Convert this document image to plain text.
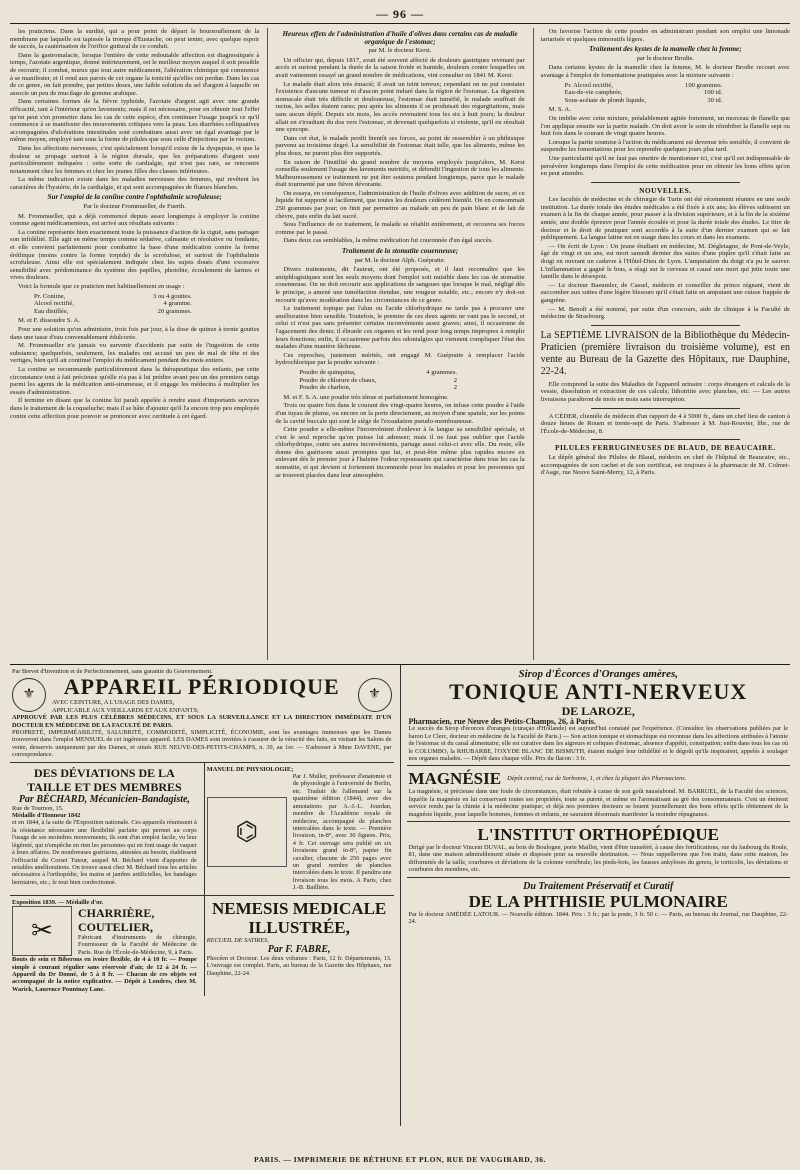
— 96 —

les praticiens. Dans la surdité, qui a pour point de départ le boursouflement de la membrane par laquelle est tapissée la trompe d'Eustache, on peut tenter, avec quelque espoir de succès, la cautérisation de l'orifice guttural de ce conduit.

Dans la gastromalacie, lorsque l'entière de cette redoutable affection est diagnostiquée à temps, l'azotate argentique, donné intérieurement, est le meilleur moyen auquel il soit possible de recourir; il combat, mieux que tout autre médicament, l'altération chimique qui commence à se manifester, et il rend aux parois de cet organe la tonicité qu'elles ont perdue. Dans les cas de ce genre, on fait prendre, par petites doses, une faible solution du sel d'argent à laquelle on associe un peu de mucilage de gomme arabique.

Dans certaines formes de la fièvre typhoïde, l'azotate d'argent agit avec une grande efficacité, tant à l'intérieur qu'en lavements; mais il est nécessaire, pour en obtenir tout l'effet qu'on peut s'en promettre dans les cas de cette espèce, d'en continuer l'usage jusqu'à ce qu'il commence à se manifester des mouvements critiques vers la peau. Les diarrhées colliquatives accompagnées d'ulcérations intestinales sont combattues aussi avec un égal avantage par le même moyen, employé tant sous la forme de pilules que sous celle d'injections par le rectum.

Dans les affections nerveuses, c'est spécialement lorsqu'il existe de la dyspepsie, et que la douleur se propage surtout à la région dorsale, que les préparations d'argent sont particulièrement indiquées : cette sorte de cardialgie, qui n'est pas rare, se rencontre notamment chez les femmes et chez les jeunes filles des classes inférieures.

La même indication existe dans les maladies nerveuses des femmes, qui revêtent les caractères de l'hystérie, de la cardialgie, et qui sont accompagnées de flueurs blanches.

Sur l'emploi de la coniine contre l'ophthalmie scrofuleuse;
Par le docteur Frommueller, de Fuerth.

M. Frommueller, qui a déjà commencé depuis assez longtemps à employer la coniine comme agent médicamenteux, est arrivé aux résultats suivants :

La coniine représente bien exactement toute la puissance d'action de la ciguë, sans partager son infidélité. Elle agit en même temps comme sédative, calmante et résolutive ou fondante, et elle convient parfaitement pour combattre la base d'une médication contre la forme éréthique (moins contre la forme torpide) de la scrofulose, et surtout de l'ophthalmie scrofuleuse. Ainsi elle est spécialement indiquée chez les sujets doués d'une excessive sensibilité avec prédominance du système des papilles, photobie, écoulement de larmes et vives douleurs.

Voici la formule que ce praticien met habituellement en usage :

Pr. Coniine,	3 ou 4 gouttes.
Alcool rectifié,	4 gramme.
Eau distillée,	20 grammes.

M. et F. dissoudre S. A.

Pour une solution qu'on administre, trois fois par jour, à la dose de quinze à trente gouttes dans une tasse d'eau convenablement édulcorée.

M. Frommueller n'a jamais vu survenir d'accidents par suite de l'ingestion de cette substance; quelquefois, seulement, les malades ont accusé un peu de mal de tête et des vertiges, bien qu'il ait continué l'emploi du médicament pendant des mois entiers.

La coniine se recommande particulièrement dans la thérapeutique des enfants, par cette circonstance tout à fait précieuse qu'elle n'a pas à lui prédire avant peu un des premiers rangs parmi les agents de la médication anti-strumeuse, et il engage les médecins à multiplier les essais d'administration.

Il termine en disant que la coniine lui paraît appelée à rendre aussi d'importants services dans le traitement de la coqueluche; mais il se hâte d'ajouter qu'il l'a encore trop peu employée contre cette affection pour pouvoir se prononcer avec certitude à cet égard.

Heureux effets de l'administration d'huile d'olives dans certains cas de maladie organique de l'estomac;
par M. le docteur Kerst.

Un officier qui, depuis 1817, avait été souvent affecté de douleurs gastriques revenant par accès et surtout pendant la durée de la saison froide et humide, douleurs contre lesquelles on avait vainement essayé un grand nombre de médications, vint consulter en 1841 M. Kerst.

Le malade était alors très émacié; il avait un teint terreux; cependant on ne put constater l'existence d'aucune tumeur ni d'aucun point induré dans la région de l'estomac. La digestion stomacale était très difficile et douloureuse, l'estomac était tuméfié, le malade souffrait de ructus, les selles étaient rares; peu après les aliments il se produisait des régurgitations, mais sans aucun dépôt. Depuis six mois, les accès revenaient tous les six à huit jours; la douleur allait en s'irradiant du dos vers l'estomac, et devenait quelquefois si violente, qu'il en résultait une syncope.

Dans cet état, le malade perdit bientôt ses forces, au point de ressembler à un phthisique parvenu au troisième degré. La sensibilité de l'estomac était telle, que les aliments, même les plus doux, ne purent plus être supportés.

En raison de l'inutilité du grand nombre de moyens employés jusqu'alors, M. Kerst conseilla seulement l'usage des lavements nutritifs, et défendit l'ingestion de tous les aliments. Malheureusement ce traitement ne put être soutenu pendant longtemps, parce que le malade était tourmenté par une fièvre dévorante.

On essaya, en conséquence, l'administration de l'huile d'olives avec addition de sucre, et ce liquide fut supporté si facilement, que toutes les douleurs cédèrent bientôt. On en consommait 250 grammes par jour; on finit par permettre au malade un peu de pain blanc et de lait de chèvre, puis enfin du lait sucré.

Sous l'influence de ce traitement, le malade se rétablit entièrement, et recouvra ses forces comme par le passé.

Dans deux cas semblables, la même médication fut couronnée d'un égal succès.

Traitement de la stomatite couenneuse;
par M. le docteur Alph. Guépratte.

Divers traitements, dit l'auteur, ont été proposés, et il faut reconnaître que les antiphlogistiques sont les seuls moyens dont l'emploi soit nuisible dans les cas de stomatite couenneuse. On ne doit recourir aux applications de sangsues que lorsque le mal, négligé dès le principe, a amené une tuméfaction étendue, une rougeur notable, etc.; encore n'y doit-on recourir qu'avec modération dans les circonstances de ce genre.

Le traitement topique par l'alun ou l'acide chlorhydrique ne tarde pas à procurer une amélioration bien sensible. Toutefois, le premier de ces deux agents ne vant pas le second, et celui ci n'est pas sans présenter certains inconvénients assez graves; ainsi, il occasionne de l'agacement des dents; il ébranle ces organes et les rend pour long temps impropres à remplir leurs fonctions; enfin, il occasionne parfois des odontalgies qui viennent compliquer l'état des malades d'une manière fâcheuse.

Ces reproches, justement mérités, ont engagé M. Guépratte à remplacer l'acide hydrochlorique par la poudre suivante :

Poudre de quinquina,	4 grammes.
Poudre de chlorure de chaux,	2
Poudre de charbon,	2

M. et F. S. A. une poudre très ténue et parfaitement homogène.

Trois ou quatre fois dans le courant des vingt-quatre heures, on infuse cette poudre à l'aide d'un tuyau de plume, ou encore on la porte directement, au moyen d'une spatule, sur les points de la cavité buccale qui sont le siège de l'exsudation pseudo-membraneuse.

Cette poudre a elle-même l'inconvénient d'enlever à la langue sa sensibilité spéciale, et c'est le seul reproche qu'on puisse lui adresser; mais il ne faut pas oublier que l'acide chlorhydrique, outre ses autres inconvénients, partage aussi celui-ci avec elle. Du reste, elle donne des guérisons aussi promptes que lui, et peut-être même plus rapides encore en enlevant dès le premier jour à l'haleine l'odeur repoussante qui caractérise dans tous les cas la stomatite, et qui devient si fortement incommode pour les malades et pour les personnes qui se trouvent placées dans leur atmosphère.

On favorise l'action de cette poudre en administrant pendant son emploi une limonade tartarisée et quelques minoratifs légers.

Traitement des kystes de la mamelle chez la femme;
par le docteur Brodie.

Dans certains kystes de la mamelle chez la femme, M. le docteur Brodie recourt avec avantage à l'emploi de fomentations pratiquées avec la mixture suivante :

Pr. Alcool rectifié,	100 grammes.
Eau-de-vie camphrée,	100 id.
Sous-acétate de plomb liquide,	30 id.

M. S. A.

On imbibe avec cette mixture, préalablement agitée fortement, un morceau de flanelle que l'on applique ensuite sur la partie malade. On doit avoir le soin de réimbiber la flanelle sept ou huit fois dans le courant de vingt quatre heures.

Lorsque la partie soumise à l'action du médicament est devenue très sensible, il convient de suspendre les fomentations pour les reprendre quelques jours plus tard.

Une particularité qu'il ne faut pas omettre de mentionner ici, c'est qu'il est indispensable de persévérer longtemps dans l'emploi de cette médication pour en obtenir les bons effets qu'on en peut attendre.

NOUVELLES.

Les facultés de médecine et de chirurgie de Turin ont été récemment réunies en une seule institution. La durée totale des études médicales a été fixée à six ans; les élèves subissent un examen à la fin de chaque année, pour passer à la division supérieure, et à la fin de la sixième année, une double épreuve pour l'année écoulée et pour la durée totale des études. Le titre de docteur et le droit de pratiquer sont accordés à la suite d'un dernier examen qui se fait publiquement. La langue latine est en usage dans les cours et dans les examens.

— On écrit de Lyon : Un jeune étudiant en médecine, M. Dégletagne, de Pont-de-Veyle, âgé de vingt et un ans, est mort samedi dernier des suites d'une piqûre qu'il s'était faite au doigt en ouvrant un cadavre à l'Hôtel-Dieu de Lyon. L'amputation du doigt n'a pu le sauver. L'inflammation a gagné le bras, a réagi sur le cerveau et causé une mort qui jette toute une famille dans le désespoir.

— Le docteur Baeumler, de Cassel, médecin et conseiller du prince régnant, vient de succomber aux suites d'une légère blessure qu'il s'était faite en amputant une cuisse frappée de gangrène.

— M. Benoît a été nommé, par suite d'un concours, aide de clinique à la Faculté de médecine de Strasbourg.

La SEPTIÈME LIVRAISON de la Bibliothèque du Médecin-Praticien (première livraison du troisième volume), est en vente au Bureau de la Gazette des Hôpitaux, rue Dauphine, 22-24.

Elle comprend la suite des Maladies de l'appareil urinaire : corps étrangers et calculs de la vessie, dissolution et extraction de ces calculs; lithotritie avec planches, etc. — Les autres livraisons paraîtront de mois en mois sans interruption.

A CÉDER, clientèle de médecin d'un rapport de 4 à 5000 fr., dans un chef lieu de canton à douze lieues de Rouen et trente-sept de Paris. S'adresser à M. Just-Rouvier, libr., rue de l'École-de-Médecine, 8.

PILULES FERRUGINEUSES DE BLAUD, DE BEAUCAIRE.

Le dépôt général des Pilules de Blaud, médecin en chef de l'hôpital de Beaucaire, etc., accompagnées de son cachet et de son certificat, est toujours à la pharmacie de M. Colmet-d'Aage, rue Neuve Saint-Merry, 12, à Paris.

Par Brevet d'Invention et de Perfectionnement, sans garantie du Gouvernement.
⚜	APPAREIL PÉRIODIQUE
AVEC CEINTURE, A L'USAGE DES DAMES,
APPLICABLE AUX VIEILLARDS ET AUX ENFANTS;
⚜
APPROUVÉ PAR LES PLUS CÉLÈBRES MÉDECINS, ET SOUS LA SURVEILLANCE ET LA DIRECTION IMMÉDIATE D'UN DOCTEUR EN MÉDECINE DE LA FACULTÉ DE PARIS.
PROPRETÉ, IMPERMÉABILITÉ, SALUBRITÉ, COMMODITÉ, SIMPLICITÉ, ÉCONOMIE, sont les avantages immenses que les Dames trouveront dans l'emploi MENSUEL de cet ingénieux appareil. LES DAMES sont invitées à s'assurer de la véracité des faits, en visitant les Salons de vente, desservis uniquement par des Dames, et situés RUE NEUVE-DES-PETITS-CHAMPS, n. 39, au 1er. — S'adresser à Mme DAVENE, par correspondance.
DES DÉVIATIONS DE LA TAILLE ET DES MEMBRES
Par BÉCHARD, Mécanicien-Bandagiste,
Rue de Tournon, 15.
Médaille d'Honneur 1842
et en 1844, à la suite de l'Exposition nationale. Ces appareils réunissent à la résistance nécessaire une flexibilité parfaite qui permet au corps l'usage de ses moindres mouvements; ils sont d'un emploi facile, vu leur légèreté, qui n'empêche en rien les personnes qui en font usage de vaquer à leurs affaires. De nombreuses guérisons, attestées au besoin, établissent l'efficacité du Corset Tuteur, auquel M. Béchard vient d'apporter de notables améliorations. On trouve aussi chez M. Béchard tous les articles nécessaires à l'orthopédie, les mains et jambes artificielles, les bandages herniaires, etc.; le tout bien confectionné.
MANUEL DE PHYSIOLOGIE;
⌬
Par J. Muller, professeur d'anatomie et de physiologie à l'université de Berlin, etc. Traduit de l'allemand sur la quatrième édition (1844), avec des annotations par A.-J.-L. Jourdan, membre de l'Académie royale de médecine, accompagné de planches intercalées dans le texte. — Première livraison, in-8°, avec 30 figures. Prix, 4 fr. Cet ouvrage sera publié en six livraisons grand in-8°, papier fin cavalier, chacune de 256 pages avec un grand nombre de planches intercalées dans le texte. Il paraîtra une livraison tous les mois. A Paris, chez J.-B. Baillière.
Exposition 1839. — Médaille d'or.
✂
CHARRIÈRE, COUTELIER,
Fabricant d'instruments de chirurgie, Fournisseur de la Faculté de Médecine de Paris. Rue de l'École-de-Médecine, 9, à Paris.
Bouts de sein et Biberons en ivoire flexible, de 4 à 10 fr. — Pompe simple à courant régulier sans réservoir d'air, de 12 à 24 fr. — Appareil du Dr Donné, de 5 à 8 fr. — Chacun de ces objets est accompagné de la notice explicative. — Dépôt à Londres, chez M. Warick, Laurence Pountnay Lane.
NEMESIS MEDICALE ILLUSTRÉE,
RECUEIL DE SATIRES,
Par F. FABRE,
Phocéen et Docteur. Les deux volumes : Paris, 12 fr. Départements, 13. L'ouvrage est complet. Paris, au bureau de la Gazette des Hôpitaux, rue Dauphine, 22-24.
Sirop d'Écorces d'Oranges amères,
TONIQUE ANTI-NERVEUX
DE LAROZE,
Pharmacien, rue Neuve des Petits-Champs, 26, à Paris.
Le succès du Sirop d'écorces d'oranges (curaçao d'Hollande) est aujourd'hui constaté par l'expérience. (Consultez les observations publiées par le baron Le Clerc, docteur en médecine de la Faculté de Paris.) — Son action tonique et stomachique est reconnue dans les affections atribuées à l'atonie de l'estomac et du canal alimentaire; elle est curative dans les aigreurs et coliques d'estomac, absence d'appétit, constipation; enfin dans tous les cas où le COLUMBO, la RHUBARBE, l'OXYDE BLANC DE BISMUTH, étaient malgré leur infidélité et le dégoût qu'ils inspiraient, appelés à soulager nos organes malades. — Dépôt dans chaque ville. Prix du flacon : 3 fr.
MAGNÉSIE Dépôt central, rue de Sorbonne, 1, et chez la plupart des Pharmaciens.
La magnésie, si précieuse dans une foule de circonstances, était rebutée à cause de son goût nauséabond. M. BARRUEL, de la Faculté des sciences, liquéfie la magnésie en lui conservant toutes ses propriétés, toute sa pureté, et même en l'aromatisant au gré des consommateurs. C'est un éminent service rendu par la chimie à la médecine pratique; et déjà nos premiers docteurs se louent journellement des bons effets qu'ils obtiennent de la magnésie liquide, pour laquelle hommes, femmes et enfants, ne sauraient désormais manifester la moindre répugnance.
L'INSTITUT ORTHOPÉDIQUE
Dirigé par le docteur Vincent DUVAL, au bois de Boulogne, porte Maillot, vient d'être transféré, à cause des fortifications, rue du faubourg du Roule, 81, dans une maison admirablement située et disposée pour sa nouvelle destination. — Nous rappellerons que l'on traite, dans cette maison, les difformités de la taille, courbures et déviations de la colonne vertébrale; les pieds-bots, les fausses ankyloses du genou, le torticolis, les déviations et courbures des membres, etc.
Du Traitement Préservatif et Curatif
DE LA PHTHISIE PULMONAIRE
Par le docteur AMÉDÉE LATOUR. — Nouvelle édition. 1844. Prix : 3 fr.; par la poste, 3 fr. 50 c. — Paris, au bureau du Journal, rue Dauphine, 22-24.
PARIS. — IMPRIMERIE DE BÉTHUNE ET PLON, RUE DE VAUGIRARD, 36.
